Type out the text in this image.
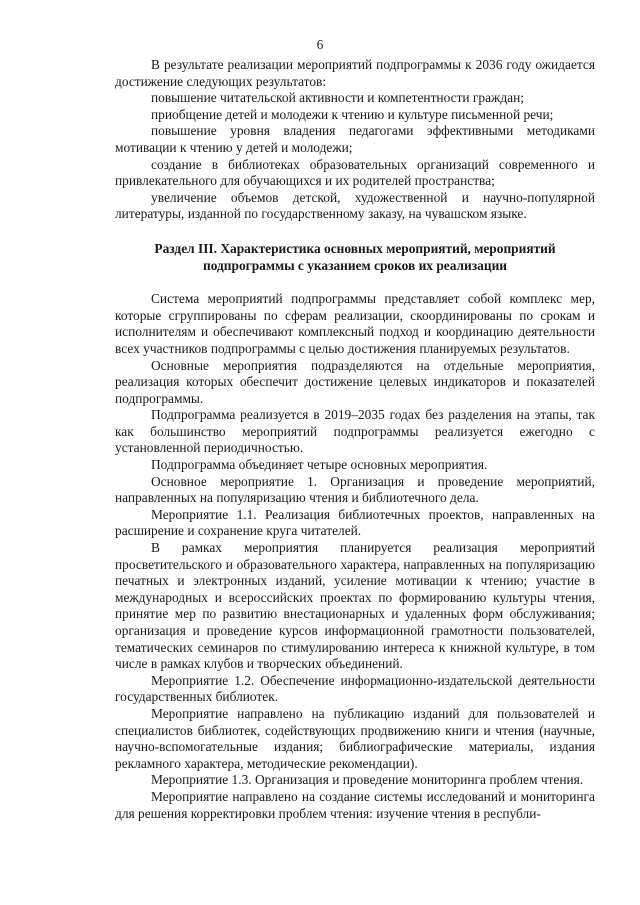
6

В результате реализации мероприятий подпрограммы к 2036 году ожидается достижение следующих результатов:

повышение читательской активности и компетентности граждан;

приобщение детей и молодежи к чтению и культуре письменной речи;

повышение уровня владения педагогами эффективными методиками мотивации к чтению у детей и молодежи;

создание в библиотеках образовательных организаций современного и привлекательного для обучающихся и их родителей пространства;

увеличение объемов детской, художественной и научно-популярной литературы, изданной по государственному заказу, на чувашском языке.

Раздел III. Характеристика основных мероприятий, мероприятий подпрограммы с указанием сроков их реализации

Система мероприятий подпрограммы представляет собой комплекс мер, которые сгруппированы по сферам реализации, скоординированы по срокам и исполнителям и обеспечивают комплексный подход и координацию деятельности всех участников подпрограммы с целью достижения планируемых результатов.

Основные мероприятия подразделяются на отдельные мероприятия, реализация которых обеспечит достижение целевых индикаторов и показателей подпрограммы.

Подпрограмма реализуется в 2019–2035 годах без разделения на этапы, так как большинство мероприятий подпрограммы реализуется ежегодно с установленной периодичностью.

Подпрограмма объединяет четыре основных мероприятия.

Основное мероприятие 1. Организация и проведение мероприятий, направленных на популяризацию чтения и библиотечного дела.

Мероприятие 1.1. Реализация библиотечных проектов, направленных на расширение и сохранение круга читателей.

В рамках мероприятия планируется реализация мероприятий просветительского и образовательного характера, направленных на популяризацию печатных и электронных изданий, усиление мотивации к чтению; участие в международных и всероссийских проектах по формированию культуры чтения, принятие мер по развитию внестационарных и удаленных форм обслуживания; организация и проведение курсов информационной грамотности пользователей, тематических семинаров по стимулированию интереса к книжной культуре, в том числе в рамках клубов и творческих объединений.

Мероприятие 1.2. Обеспечение информационно-издательской деятельности государственных библиотек.

Мероприятие направлено на публикацию изданий для пользователей и специалистов библиотек, содействующих продвижению книги и чтения (научные, научно-вспомогательные издания; библиографические материалы, издания рекламного характера, методические рекомендации).

Мероприятие 1.3. Организация и проведение мониторинга проблем чтения.

Мероприятие направлено на создание системы исследований и мониторинга для решения корректировки проблем чтения: изучение чтения в республи-
